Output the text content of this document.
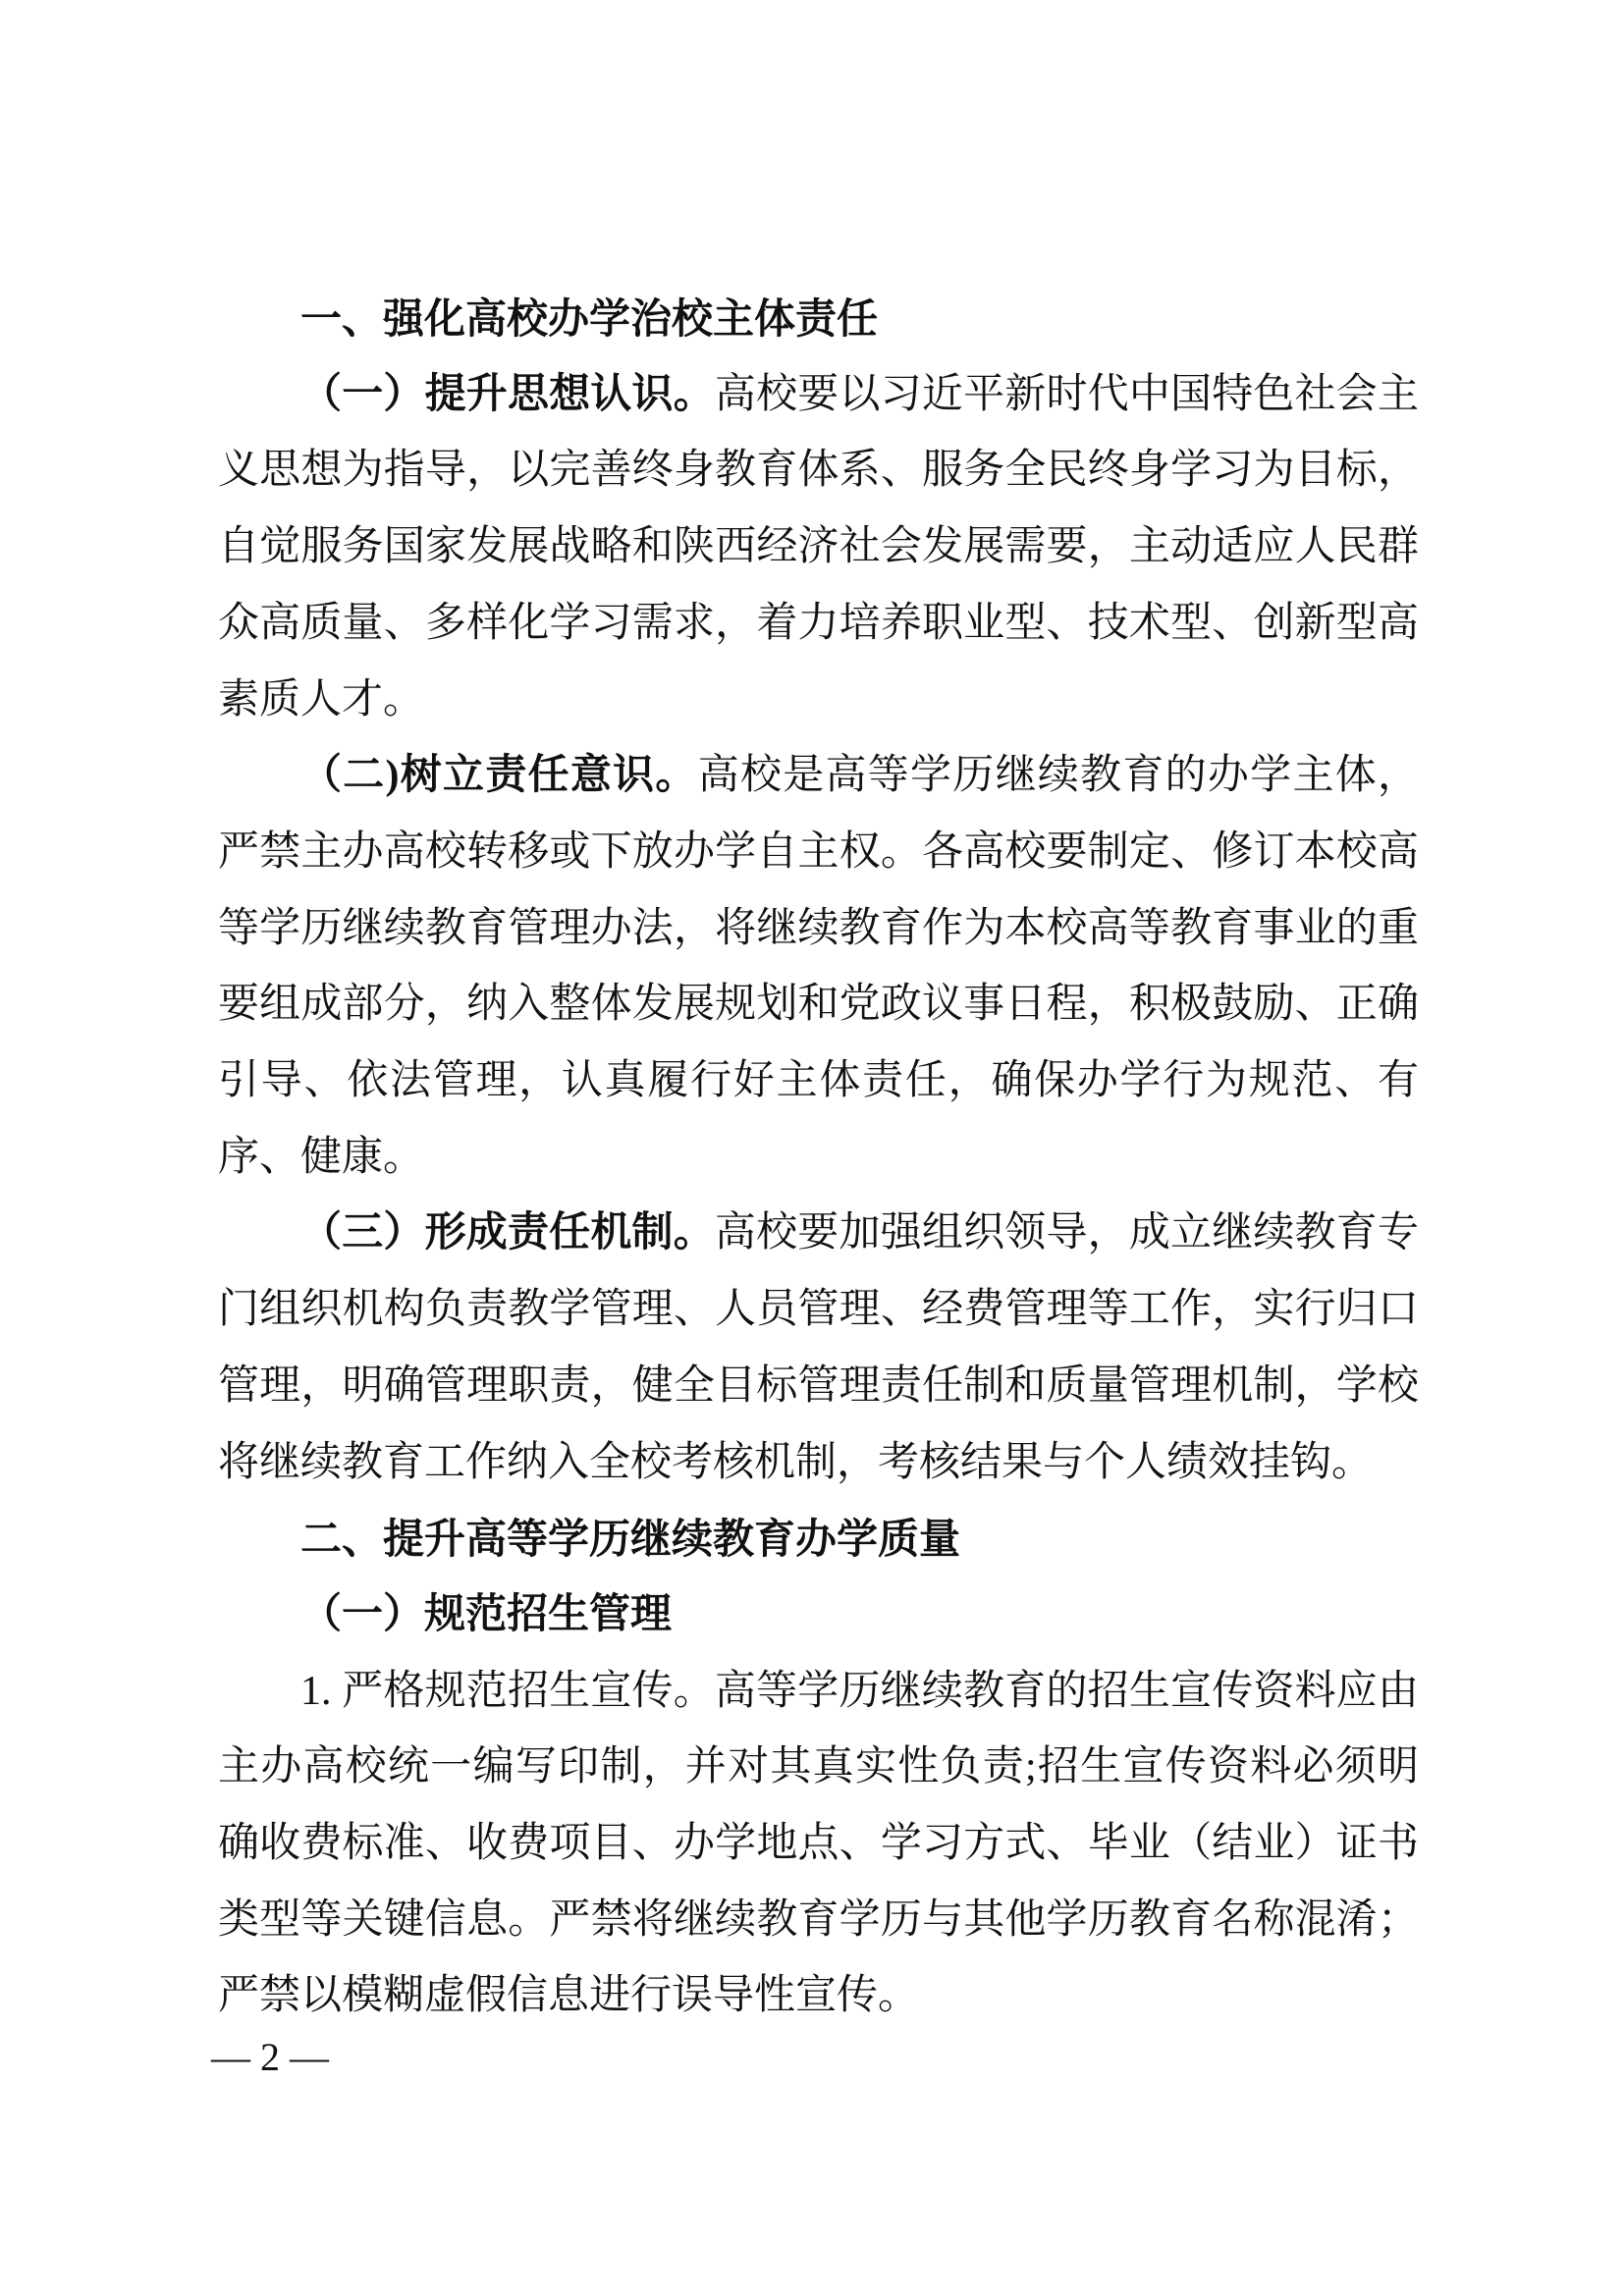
一、强化高校办学治校主体责任

（一）提升思想认识。高校要以习近平新时代中国特色社会主义思想为指导，以完善终身教育体系、服务全民终身学习为目标，自觉服务国家发展战略和陕西经济社会发展需要，主动适应人民群众高质量、多样化学习需求，着力培养职业型、技术型、创新型高素质人才。

（二)树立责任意识。高校是高等学历继续教育的办学主体，严禁主办高校转移或下放办学自主权。各高校要制定、修订本校高等学历继续教育管理办法，将继续教育作为本校高等教育事业的重要组成部分，纳入整体发展规划和党政议事日程，积极鼓励、正确引导、依法管理，认真履行好主体责任，确保办学行为规范、有序、健康。

（三）形成责任机制。高校要加强组织领导，成立继续教育专门组织机构负责教学管理、人员管理、经费管理等工作，实行归口管理，明确管理职责，健全目标管理责任制和质量管理机制，学校将继续教育工作纳入全校考核机制，考核结果与个人绩效挂钩。

二、提升高等学历继续教育办学质量

（一）规范招生管理

1. 严格规范招生宣传。高等学历继续教育的招生宣传资料应由主办高校统一编写印制，并对其真实性负责;招生宣传资料必须明确收费标准、收费项目、办学地点、学习方式、毕业（结业）证书类型等关键信息。严禁将继续教育学历与其他学历教育名称混淆；严禁以模糊虚假信息进行误导性宣传。

— 2 —
